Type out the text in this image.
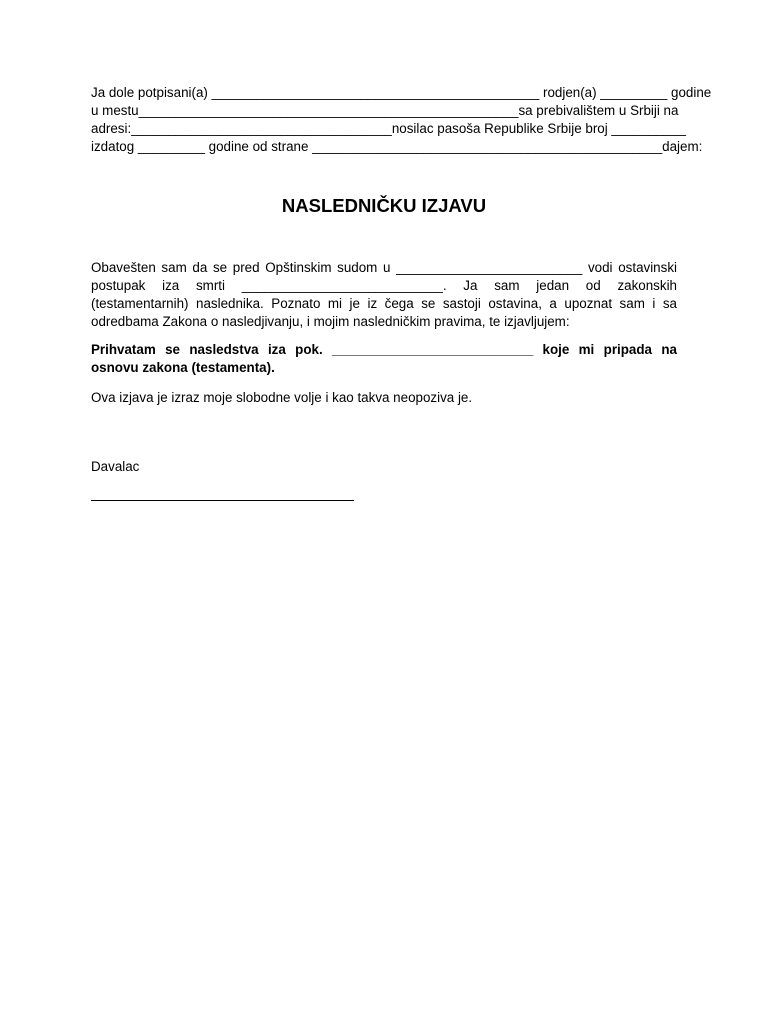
Ja dole potpisani(a) ____________________________________________ rodjen(a) _________ godine
u mestu___________________________________________________sa prebivalištem u Srbiji na
adresi:___________________________________nosilac pasoša Republike Srbije broj __________
izdatog _________ godine od strane _______________________________________________dajem:

NASLEDNIČKU IZJAVU

Obavešten sam da se pred Opštinskim sudom u _________________________ vodi ostavinski
postupak iza smrti ___________________________. Ja sam jedan od zakonskih
(testamentarnih) naslednika. Poznato mi je iz čega se sastoji ostavina, a upoznat sam i sa
odredbama Zakona o nasledjivanju, i mojim nasledničkim pravima, te izjavljujem:

Prihvatam se nasledstva iza pok. ___________________________ koje mi pripada na
osnovu zakona (testamenta).

Ova izjava je izraz moje slobodne volje i kao takva neopoziva je.

Davalac
